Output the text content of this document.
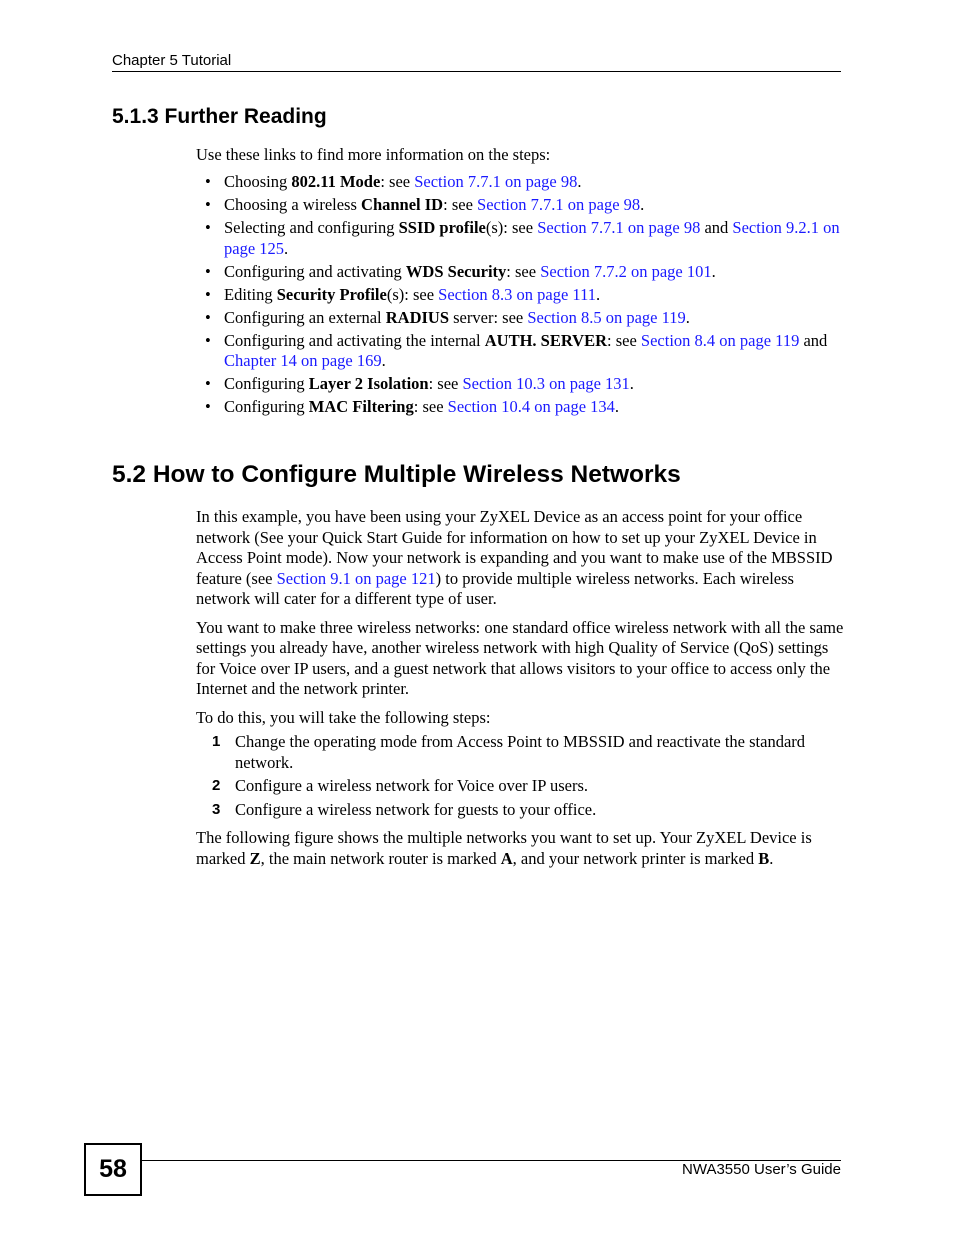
Chapter 5 Tutorial
5.1.3 Further Reading
Use these links to find more information on the steps:
• Choosing 802.11 Mode: see Section 7.7.1 on page 98.
• Choosing a wireless Channel ID: see Section 7.7.1 on page 98.
• Selecting and configuring SSID profile(s): see Section 7.7.1 on page 98 and Section 9.2.1 on page 125.
• Configuring and activating WDS Security: see Section 7.7.2 on page 101.
• Editing Security Profile(s): see Section 8.3 on page 111.
• Configuring an external RADIUS server: see Section 8.5 on page 119.
• Configuring and activating the internal AUTH. SERVER: see Section 8.4 on page 119 and Chapter 14 on page 169.
• Configuring Layer 2 Isolation: see Section 10.3 on page 131.
• Configuring MAC Filtering: see Section 10.4 on page 134.
5.2 How to Configure Multiple Wireless Networks

In this example, you have been using your ZyXEL Device as an access point for your office network (See your Quick Start Guide for information on how to set up your ZyXEL Device in Access Point mode). Now your network is expanding and you want to make use of the MBSSID feature (see Section 9.1 on page 121) to provide multiple wireless networks. Each wireless network will cater for a different type of user.

You want to make three wireless networks: one standard office wireless network with all the same settings you already have, another wireless network with high Quality of Service (QoS) settings for Voice over IP users, and a guest network that allows visitors to your office to access only the Internet and the network printer.

To do this, you will take the following steps:

1 Change the operating mode from Access Point to MBSSID and reactivate the standard network.
2 Configure a wireless network for Voice over IP users.
3 Configure a wireless network for guests to your office.
The following figure shows the multiple networks you want to set up. Your ZyXEL Device is marked Z, the main network router is marked A, and your network printer is marked B.
58	NWA3550 User’s Guide
